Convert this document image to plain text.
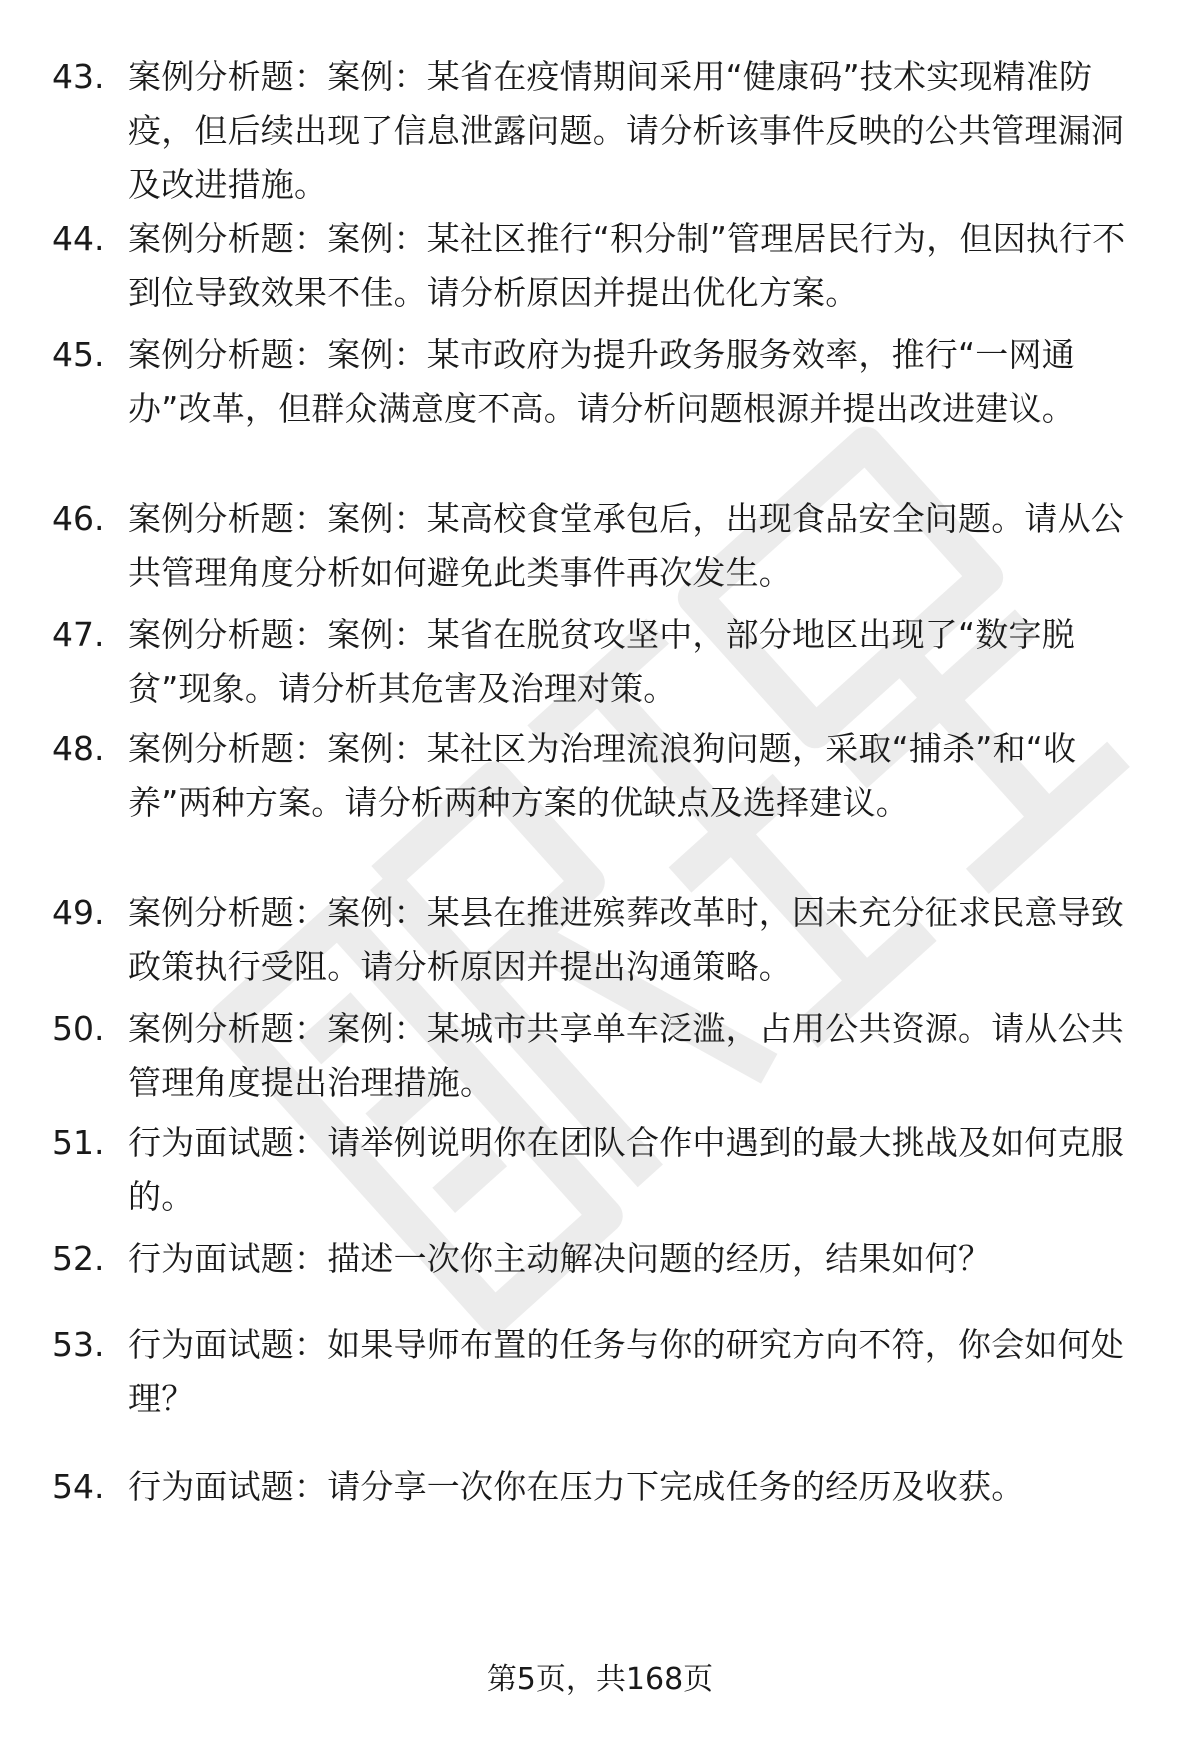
43. 案例分析题：案例：某省在疫情期间采用“健康码”技术实现精准防疫，但后续出现了信息泄露问题。请分析该事件反映的公共管理漏洞及改进措施。
44. 案例分析题：案例：某社区推行“积分制”管理居民行为，但因执行不到位导致效果不佳。请分析原因并提出优化方案。
45. 案例分析题：案例：某市政府为提升政务服务效率，推行“一网通办”改革，但群众满意度不高。请分析问题根源并提出改进建议。
46. 案例分析题：案例：某高校食堂承包后，出现食品安全问题。请从公共管理角度分析如何避免此类事件再次发生。
47. 案例分析题：案例：某省在脱贫攻坚中，部分地区出现了“数字脱贫”现象。请分析其危害及治理对策。
48. 案例分析题：案例：某社区为治理流浪狗问题，采取“捕杀”和“收养”两种方案。请分析两种方案的优缺点及选择建议。
49. 案例分析题：案例：某县在推进殡葬改革时，因未充分征求民意导致政策执行受阻。请分析原因并提出沟通策略。
50. 案例分析题：案例：某城市共享单车泛滥，占用公共资源。请从公共管理角度提出治理措施。
51. 行为面试题：请举例说明你在团队合作中遇到的最大挑战及如何克服的。
52. 行为面试题：描述一次你主动解决问题的经历，结果如何？
53. 行为面试题：如果导师布置的任务与你的研究方向不符，你会如何处理？
54. 行为面试题：请分享一次你在压力下完成任务的经历及收获。
第5页，共168页
